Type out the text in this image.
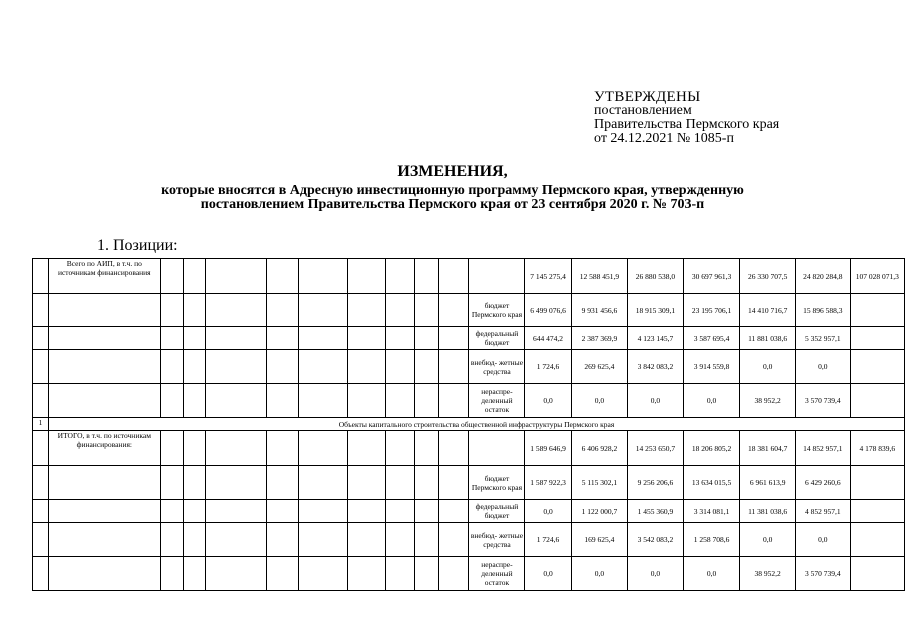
УТВЕРЖДЕНЫ
постановлением
Правительства Пермского края
от 24.12.2021 № 1085-п
ИЗМЕНЕНИЯ,
которые вносятся в Адресную инвестиционную программу Пермского края, утвержденную
постановлением Правительства Пермского края от 23 сентября 2020 г. № 703-п
1. Позиции:
	Всего по АИП, в т.ч. по источникам финансирования											7 145 275,4	12 588 451,9	26 880 538,0	30 697 961,3	26 330 707,5	24 820 284,8	107 028 071,3
											бюджет Пермского края	6 499 076,6	9 931 456,6	18 915 309,1	23 195 706,1	14 410 716,7	15 896 588,3	
											федеральный бюджет	644 474,2	2 387 369,9	4 123 145,7	3 587 695,4	11 881 038,6	5 352 957,1	
											внебюд- жетные средства	1 724,6	269 625,4	3 842 083,2	3 914 559,8	0,0	0,0	
											нераспре- деленный остаток	0,0	0,0	0,0	0,0	38 952,2	3 570 739,4	
1	Объекты капитального строительства общественной инфраструктуры Пермского края																	
	ИТОГО, в т.ч. по источникам финансирования:											1 589 646,9	6 406 928,2	14 253 650,7	18 206 805,2	18 381 604,7	14 852 957,1	4 178 839,6
											бюджет Пермского края	1 587 922,3	5 115 302,1	9 256 206,6	13 634 015,5	6 961 613,9	6 429 260,6	
											федеральный бюджет	0,0	1 122 000,7	1 455 360,9	3 314 081,1	11 381 038,6	4 852 957,1	
											внебюд- жетные средства	1 724,6	169 625,4	3 542 083,2	1 258 708,6	0,0	0,0	
											нераспре- деленный остаток	0,0	0,0	0,0	0,0	38 952,2	3 570 739,4	
